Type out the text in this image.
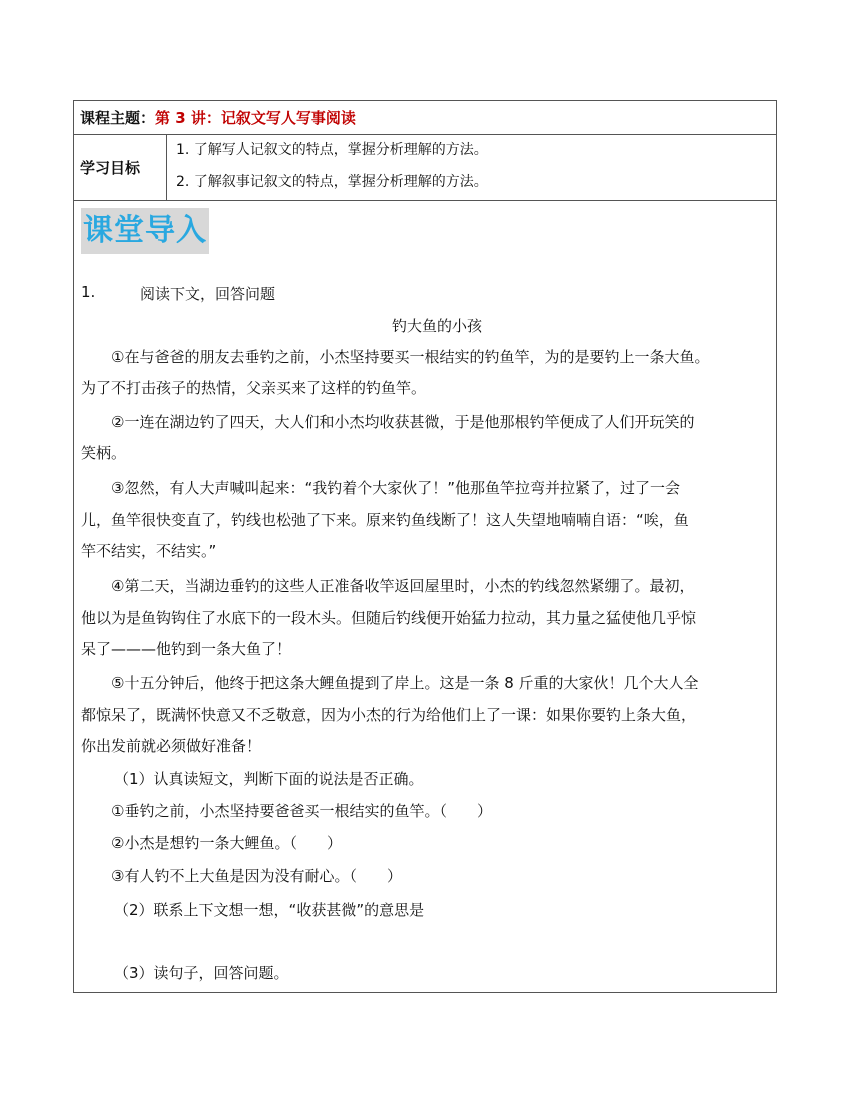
课程主题：第 3 讲：记叙文写人写事阅读
学习目标
1. 了解写人记叙文的特点，掌握分析理解的方法。
2. 了解叙事记叙文的特点，掌握分析理解的方法。
课堂导入
1.	阅读下文，回答问题
钓大鱼的小孩
①在与爸爸的朋友去垂钓之前，小杰坚持要买一根结实的钓鱼竿，为的是要钓上一条大鱼。
为了不打击孩子的热情，父亲买来了这样的钓鱼竿。
②一连在湖边钓了四天，大人们和小杰均收获甚微，于是他那根钓竿便成了人们开玩笑的
笑柄。
③忽然，有人大声喊叫起来：“我钓着个大家伙了！”他那鱼竿拉弯并拉紧了，过了一会
儿，鱼竿很快变直了，钓线也松弛了下来。原来钓鱼线断了！这人失望地喃喃自语：“唉，鱼
竿不结实，不结实。”
④第二天，当湖边垂钓的这些人正准备收竿返回屋里时，小杰的钓线忽然紧绷了。最初，
他以为是鱼钩钩住了水底下的一段木头。但随后钓线便开始猛力拉动，其力量之猛使他几乎惊
呆了———他钓到一条大鱼了！
⑤十五分钟后，他终于把这条大鲤鱼提到了岸上。这是一条 8 斤重的大家伙！几个大人全
都惊呆了，既满怀快意又不乏敬意，因为小杰的行为给他们上了一课：如果你要钓上条大鱼，
你出发前就必须做好准备！
（1）认真读短文，判断下面的说法是否正确。
①垂钓之前，小杰坚持要爸爸买一根结实的鱼竿。（　　）
②小杰是想钓一条大鲤鱼。（　　）
③有人钓不上大鱼是因为没有耐心。（　　）
（2）联系上下文想一想，“收获甚微”的意思是
（3）读句子，回答问题。
